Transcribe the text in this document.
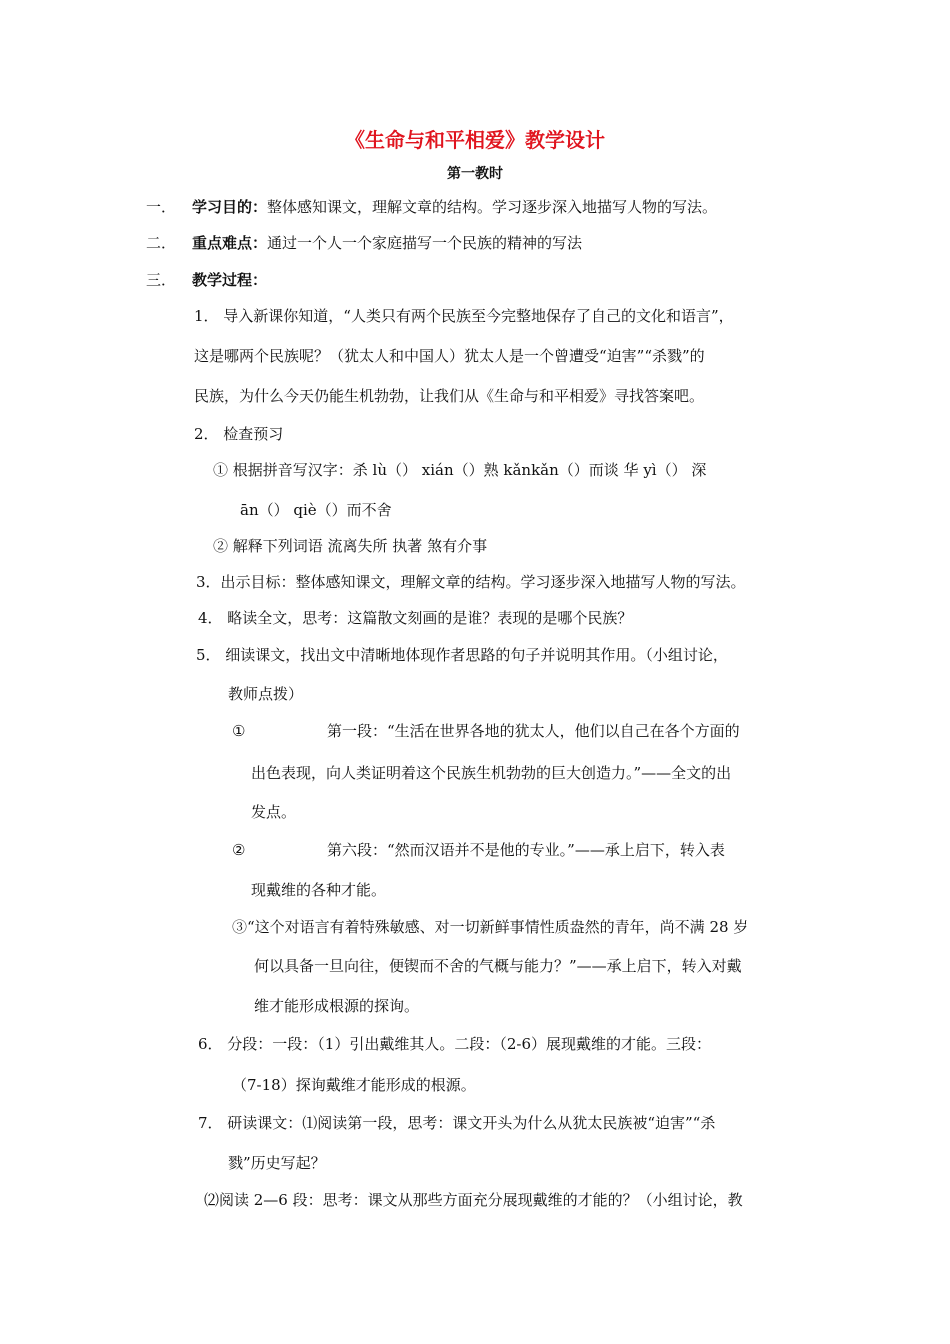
《生命与和平相爱》教学设计
第一教时
一． 学习目的：整体感知课文，理解文章的结构。学习逐步深入地描写人物的写法。
二． 重点难点：通过一个人一个家庭描写一个民族的精神的写法
三． 教学过程：
1． 导入新课你知道，“人类只有两个民族至今完整地保存了自己的文化和语言”，
这是哪两个民族呢？（犹太人和中国人）犹太人是一个曾遭受“迫害”“杀戮”的
民族，为什么今天仍能生机勃勃，让我们从《生命与和平相爱》寻找答案吧。
2． 检查预习
① 根据拼音写汉字：杀 lù（） xián（）熟 kǎnkǎn（）而谈 华 yì（） 深
ān（） qiè（）而不舍
② 解释下列词语 流离失所 执著 煞有介事
3．出示目标：整体感知课文，理解文章的结构。学习逐步深入地描写人物的写法。
4． 略读全文，思考：这篇散文刻画的是谁？表现的是哪个民族？
5． 细读课文，找出文中清晰地体现作者思路的句子并说明其作用。（小组讨论，
教师点拨）
①	第一段：“生活在世界各地的犹太人，他们以自己在各个方面的
出色表现，向人类证明着这个民族生机勃勃的巨大创造力。”——全文的出
发点。
②	第六段：“然而汉语并不是他的专业。”——承上启下，转入表
现戴维的各种才能。
③“这个对语言有着特殊敏感、对一切新鲜事情性质盎然的青年，尚不满 28 岁
何以具备一旦向往，便锲而不舍的气概与能力？”——承上启下，转入对戴
维才能形成根源的探询。
6． 分段：一段：（1）引出戴维其人。二段：（2-6）展现戴维的才能。三段：
（7-18）探询戴维才能形成的根源。
7． 研读课文：⑴阅读第一段，思考：课文开头为什么从犹太民族被“迫害”“杀
戮”历史写起？
⑵阅读 2—6 段：思考：课文从那些方面充分展现戴维的才能的？（小组讨论，教
